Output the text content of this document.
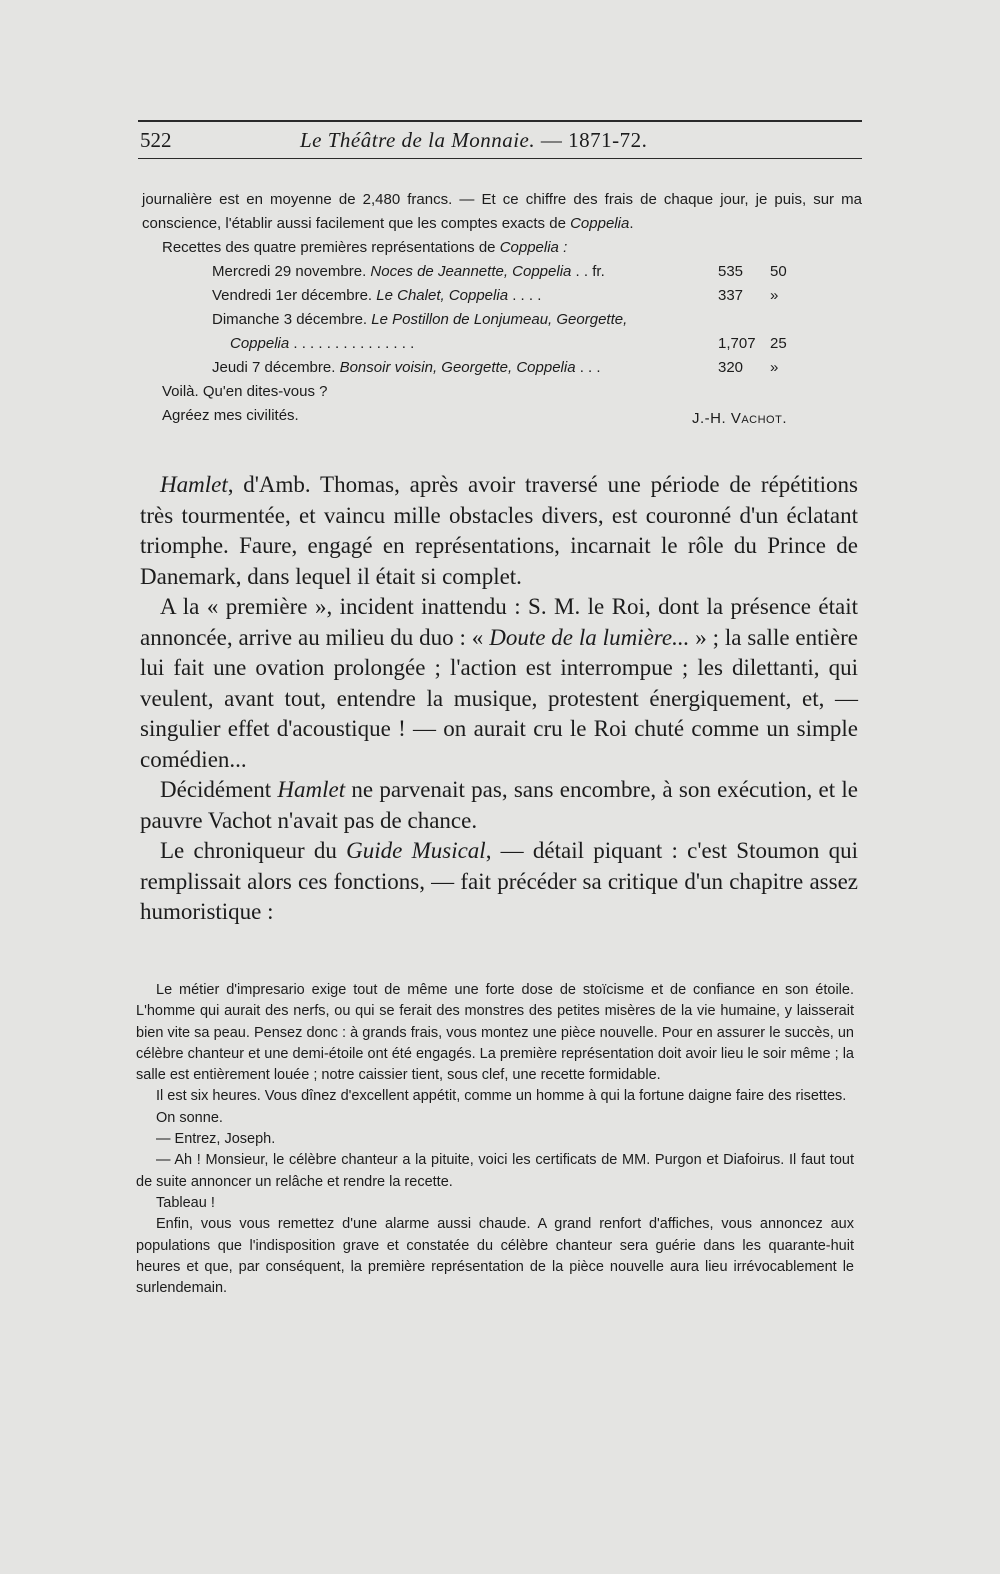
522	Le Théâtre de la Monnaie. — 1871-72.

journalière est en moyenne de 2,480 francs. — Et ce chiffre des frais de chaque jour, je puis, sur ma conscience, l'établir aussi facilement que les comptes exacts de Coppelia.

Recettes des quatre premières représentations de Coppelia :

Mercredi 29 novembre. Noces de Jeannette, Coppelia . . fr.	535 50
Vendredi 1er décembre. Le Chalet, Coppelia . . . .	337 »
Dimanche 3 décembre. Le Postillon de Lonjumeau, Georgette,
Coppelia . . . . . . . . . . . . . . .	1,707 25
Jeudi 7 décembre. Bonsoir voisin, Georgette, Coppelia . . .	320 »

Voilà. Qu'en dites-vous ?

Agréez mes civilités.	J.-H. Vachot.

Hamlet, d'Amb. Thomas, après avoir traversé une période de répétitions très tourmentée, et vaincu mille obstacles divers, est couronné d'un éclatant triomphe. Faure, engagé en représentations, incarnait le rôle du Prince de Danemark, dans lequel il était si complet.

A la « première », incident inattendu : S. M. le Roi, dont la présence était annoncée, arrive au milieu du duo : « Doute de la lumière... » ; la salle entière lui fait une ovation prolongée ; l'action est interrompue ; les dilettanti, qui veulent, avant tout, entendre la musique, protestent énergiquement, et, — singulier effet d'acoustique ! — on aurait cru le Roi chuté comme un simple comédien...

Décidément Hamlet ne parvenait pas, sans encombre, à son exécution, et le pauvre Vachot n'avait pas de chance.

Le chroniqueur du Guide Musical, — détail piquant : c'est Stoumon qui remplissait alors ces fonctions, — fait précéder sa critique d'un chapitre assez humoristique :

Le métier d'impresario exige tout de même une forte dose de stoïcisme et de confiance en son étoile. L'homme qui aurait des nerfs, ou qui se ferait des monstres des petites misères de la vie humaine, y laisserait bien vite sa peau. Pensez donc : à grands frais, vous montez une pièce nouvelle. Pour en assurer le succès, un célèbre chanteur et une demi-étoile ont été engagés. La première représentation doit avoir lieu le soir même ; la salle est entièrement louée ; notre caissier tient, sous clef, une recette formidable.

Il est six heures. Vous dînez d'excellent appétit, comme un homme à qui la fortune daigne faire des risettes.

On sonne.

— Entrez, Joseph.

— Ah ! Monsieur, le célèbre chanteur a la pituite, voici les certificats de MM. Purgon et Diafoirus. Il faut tout de suite annoncer un relâche et rendre la recette.

Tableau !

Enfin, vous vous remettez d'une alarme aussi chaude. A grand renfort d'affiches, vous annoncez aux populations que l'indisposition grave et constatée du célèbre chanteur sera guérie dans les quarante-huit heures et que, par conséquent, la première représentation de la pièce nouvelle aura lieu irrévocablement le surlendemain.
